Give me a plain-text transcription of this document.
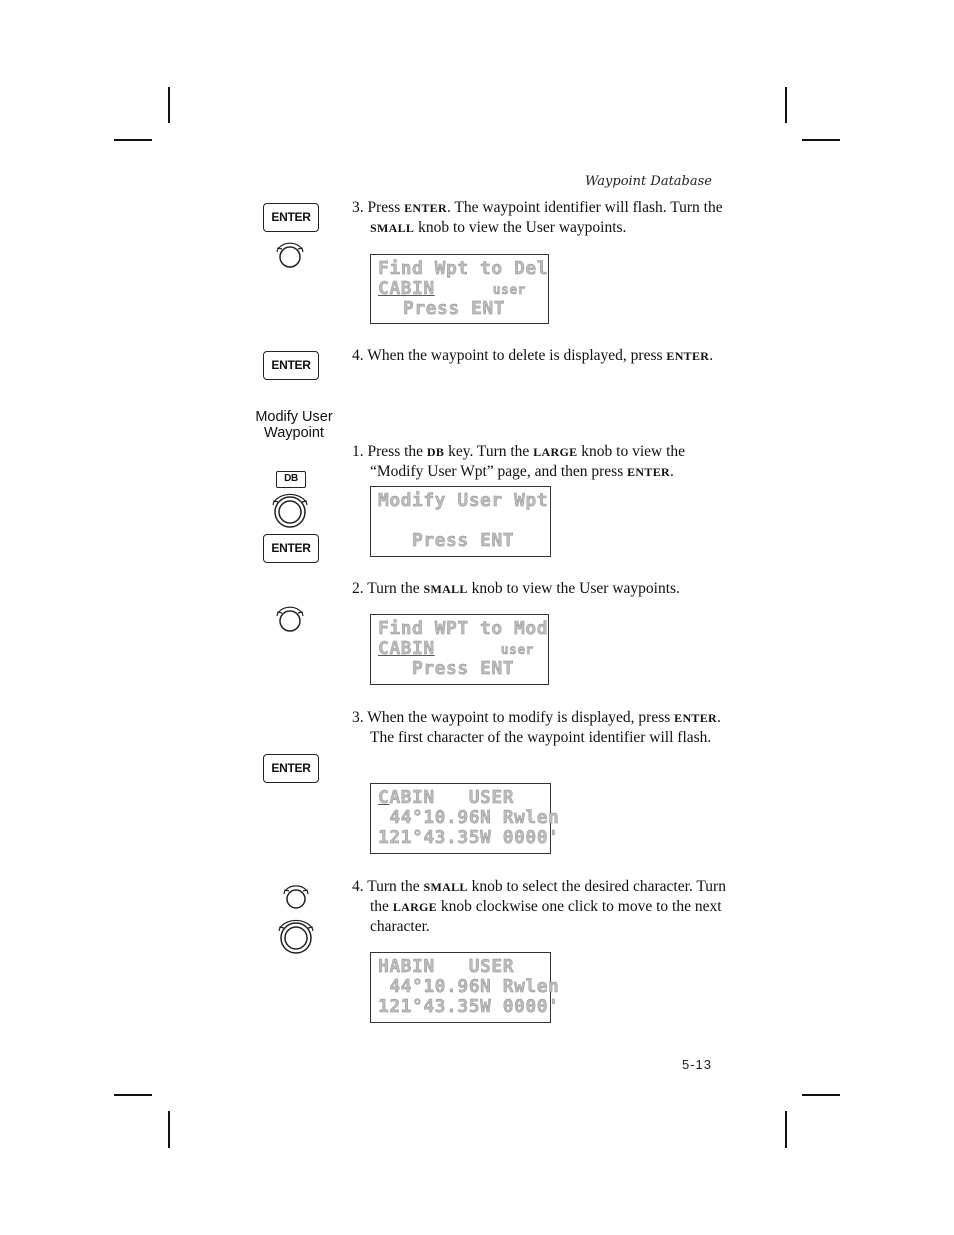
Waypoint Database
ENTER
3. Press ENTER. The waypoint identifier will flash. Turn the SMALL knob to view the User waypoints.
Find Wpt to Del
CABIN	user
Press ENT
ENTER
4. When the waypoint to delete is displayed, press ENTER.
Modify User
Waypoint
1. Press the DB key. Turn the LARGE knob to view the “Modify User Wpt” page, and then press ENTER.
DB
ENTER
Modify User Wpt
Press ENT
2. Turn the SMALL knob to view the User waypoints.
Find WPT to Mod
CABIN	user
Press ENT
3. When the waypoint to modify is displayed, press ENTER. The first character of the waypoint identifier will flash.
ENTER
CABIN   USER
44°10.96N Rwlen
121°43.35W 0000'
4. Turn the SMALL knob to select the desired character. Turn the LARGE knob clockwise one click to move to the next character.
HABIN   USER
44°10.96N Rwlen
121°43.35W 0000'
5-13
